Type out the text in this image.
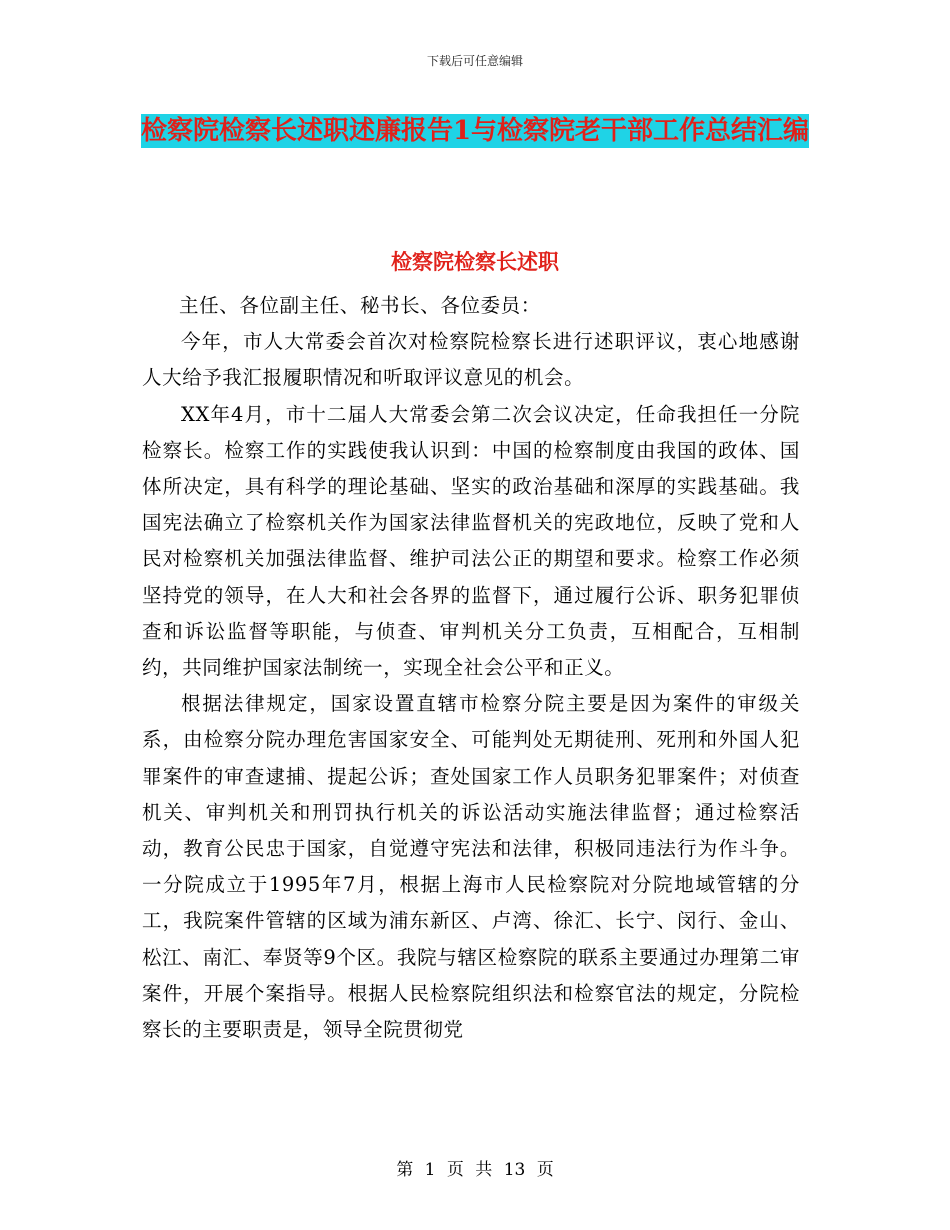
下载后可任意编辑
检察院检察长述职述廉报告1与检察院老干部工作总结汇编
检察院检察长述职

主任、各位副主任、秘书长、各位委员：

今年，市人大常委会首次对检察院检察长进行述职评议，衷心地感谢人大给予我汇报履职情况和听取评议意见的机会。

XX年4月，市十二届人大常委会第二次会议决定，任命我担任一分院检察长。检察工作的实践使我认识到：中国的检察制度由我国的政体、国体所决定，具有科学的理论基础、坚实的政治基础和深厚的实践基础。我国宪法确立了检察机关作为国家法律监督机关的宪政地位，反映了党和人民对检察机关加强法律监督、维护司法公正的期望和要求。检察工作必须坚持党的领导，在人大和社会各界的监督下，通过履行公诉、职务犯罪侦查和诉讼监督等职能，与侦查、审判机关分工负责，互相配合，互相制约，共同维护国家法制统一，实现全社会公平和正义。

根据法律规定，国家设置直辖市检察分院主要是因为案件的审级关系，由检察分院办理危害国家安全、可能判处无期徒刑、死刑和外国人犯罪案件的审查逮捕、提起公诉；查处国家工作人员职务犯罪案件；对侦查机关、审判机关和刑罚执行机关的诉讼活动实施法律监督；通过检察活动，教育公民忠于国家，自觉遵守宪法和法律，积极同违法行为作斗争。一分院成立于1995年7月，根据上海市人民检察院对分院地域管辖的分工，我院案件管辖的区域为浦东新区、卢湾、徐汇、长宁、闵行、金山、松江、南汇、奉贤等9个区。我院与辖区检察院的联系主要通过办理第二审案件，开展个案指导。根据人民检察院组织法和检察官法的规定，分院检察长的主要职责是，领导全院贯彻党

第 1 页 共 13 页
